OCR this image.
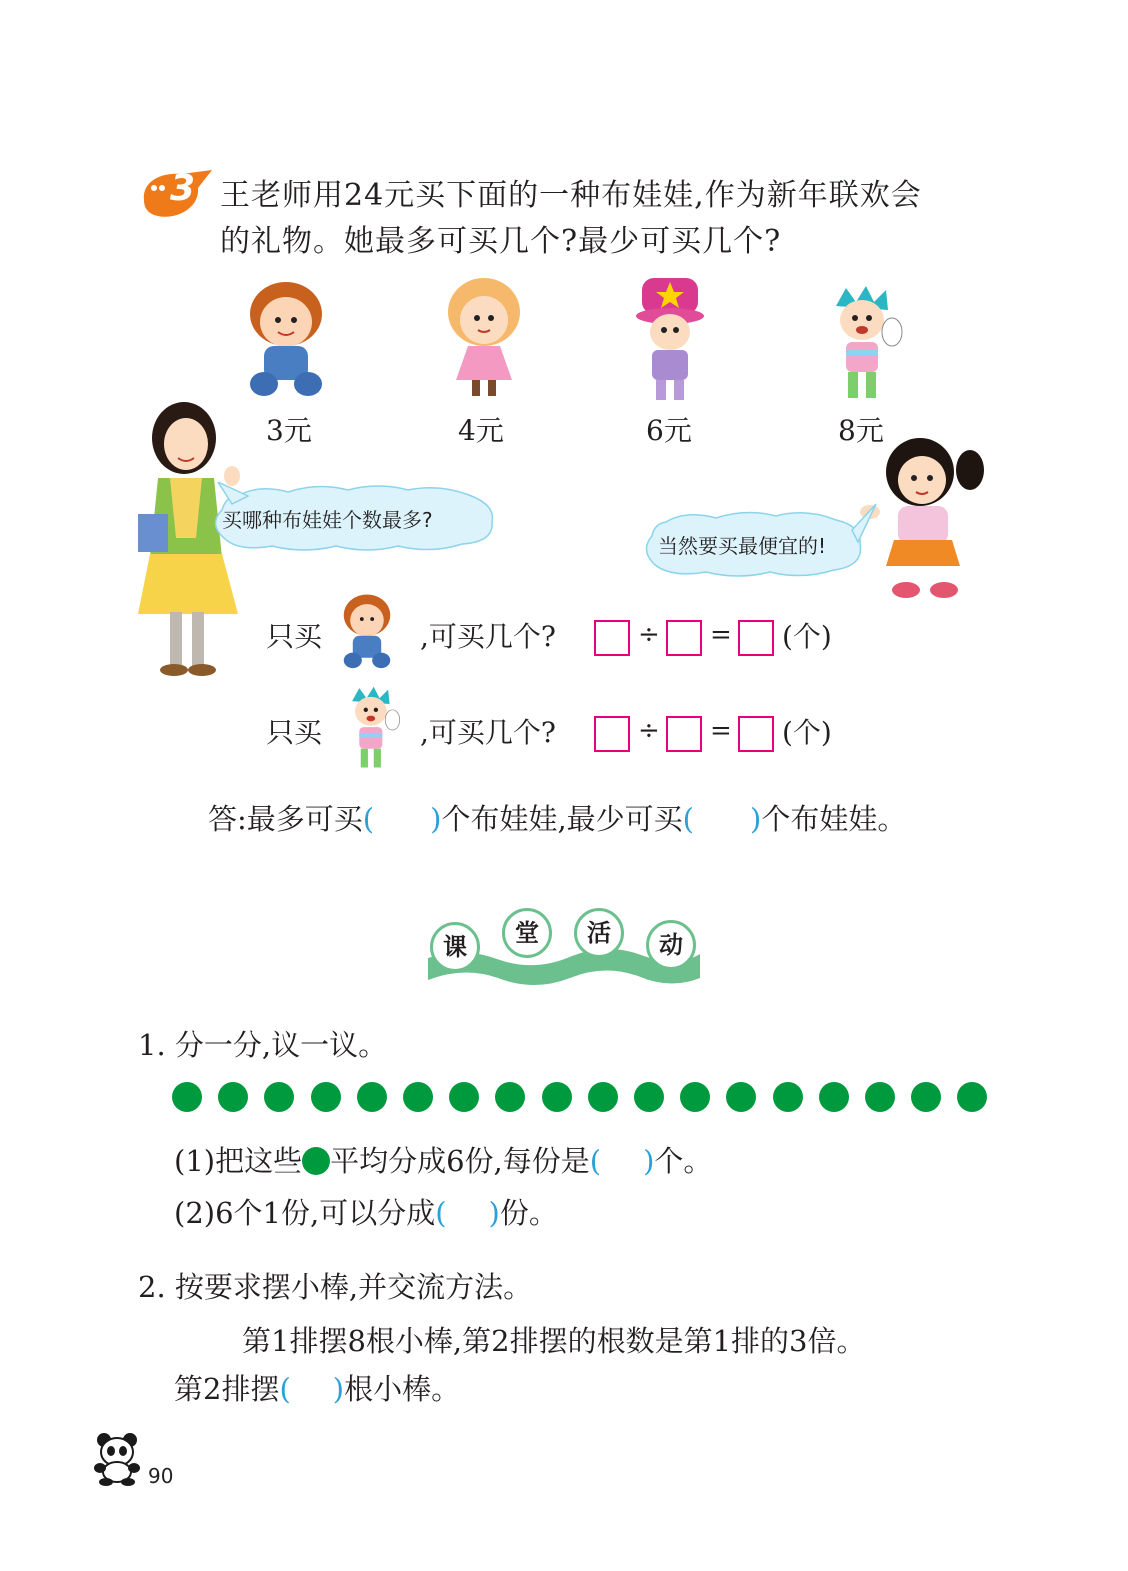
3 王老师用24元买下面的一种布娃娃,作为新年联欢会
的礼物。她最多可买几个?最少可买几个?
3元	4元	6元	8元
买哪种布娃娃个数最多?
当然要买最便宜的!
只买	,可买几个?	÷ = (个)
只买	,可买几个?	÷ = (个)
答:最多可买( )个布娃娃,最少可买( )个布娃娃。
课	堂	活	动
1. 分一分,议一议。
(1)把这些 平均分成6份,每份是( )个。
(2)6个1份,可以分成( )份。
2. 按要求摆小棒,并交流方法。
第1排摆8根小棒,第2排摆的根数是第1排的3倍。
第2排摆( )根小棒。
90
